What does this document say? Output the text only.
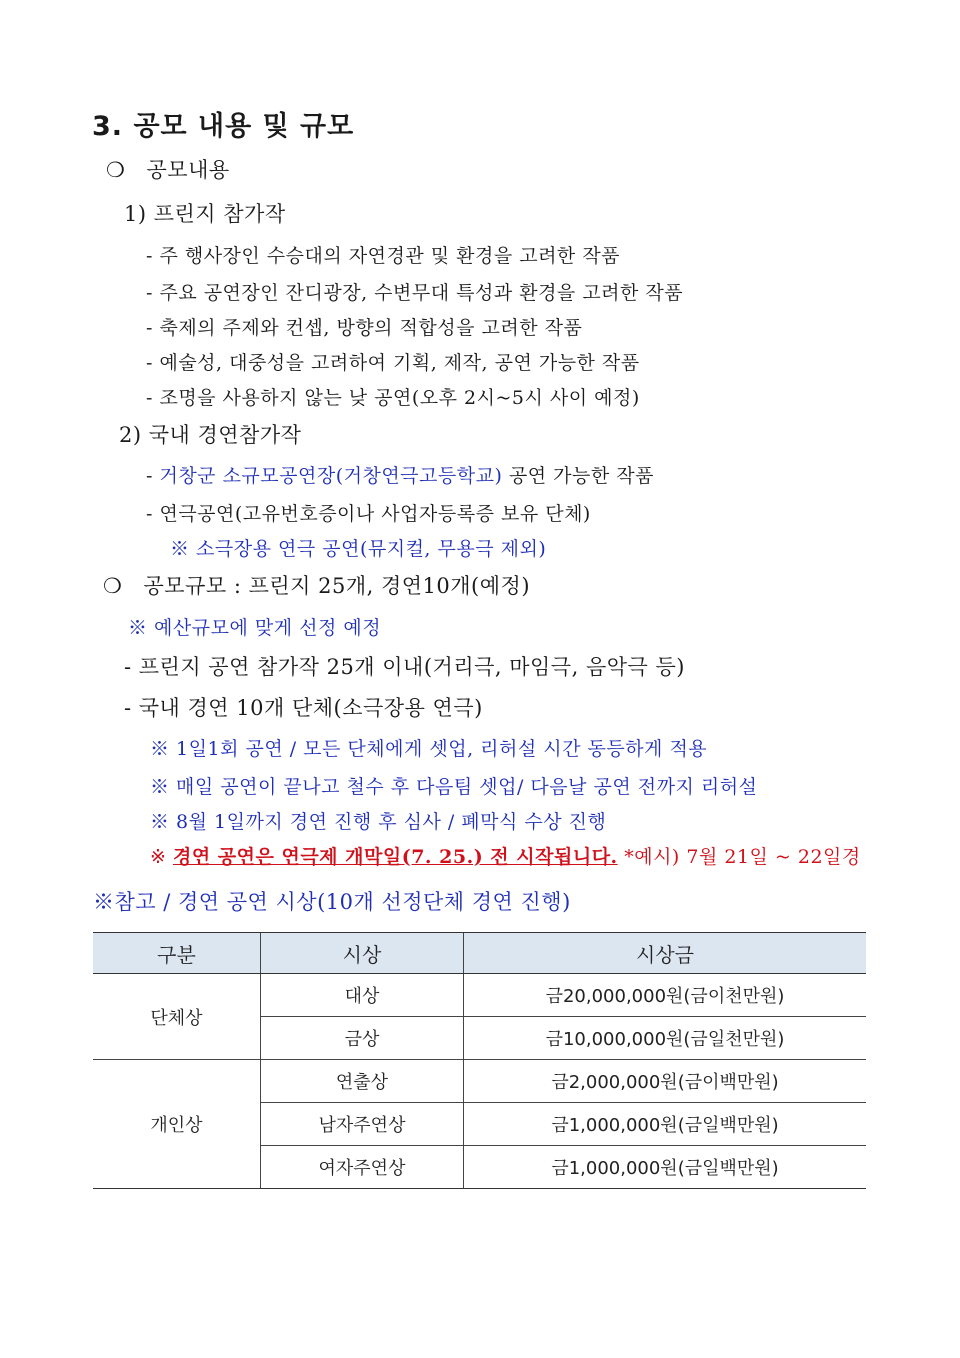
3. 공모 내용 및 규모
❍ 공모내용
1) 프린지 참가작
- 주 행사장인 수승대의 자연경관 및 환경을 고려한 작품
- 주요 공연장인 잔디광장, 수변무대 특성과 환경을 고려한 작품
- 축제의 주제와 컨셉, 방향의 적합성을 고려한 작품
- 예술성, 대중성을 고려하여 기획, 제작, 공연 가능한 작품
- 조명을 사용하지 않는 낮 공연(오후 2시~5시 사이 예정)
2) 국내 경연참가작
- 거창군 소규모공연장(거창연극고등학교) 공연 가능한 작품
- 연극공연(고유번호증이나 사업자등록증 보유 단체)
※ 소극장용 연극 공연(뮤지컬, 무용극 제외)
❍ 공모규모 : 프린지 25개, 경연10개(예정)
※ 예산규모에 맞게 선정 예정
- 프린지 공연 참가작 25개 이내(거리극, 마임극, 음악극 등)
- 국내 경연 10개 단체(소극장용 연극)
※ 1일1회 공연 / 모든 단체에게 셋업, 리허설 시간 동등하게 적용
※ 매일 공연이 끝나고 철수 후 다음팀 셋업/ 다음날 공연 전까지 리허설
※ 8월 1일까지 경연 진행 후 심사 / 폐막식 수상 진행
※ 경연 공연은 연극제 개막일(7. 25.) 전 시작됩니다. *예시) 7월 21일 ~ 22일경
※참고 / 경연 공연 시상(10개 선정단체 경연 진행)
구분	시상	시상금
단체상	대상	금20,000,000원(금이천만원)
	금상	금10,000,000원(금일천만원)
개인상	연출상	금2,000,000원(금이백만원)
	남자주연상	금1,000,000원(금일백만원)
	여자주연상	금1,000,000원(금일백만원)
